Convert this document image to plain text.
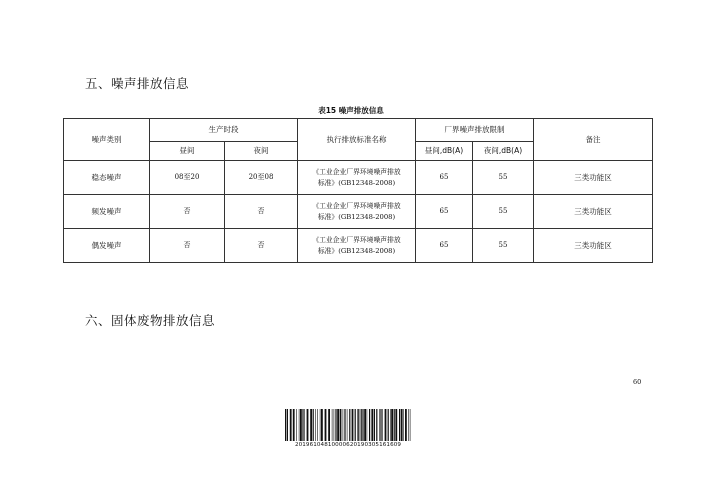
五、噪声排放信息
表15 噪声排放信息
噪声类别	生产时段		执行排放标准名称	厂界噪声排放限制		备注
	昼间	夜间		昼间,dB(A)	夜间,dB(A)	
稳态噪声	08至20	20至08	《工业企业厂界环境噪声排放
标准》(GB12348-2008)	65	55	三类功能区
频发噪声	否	否	《工业企业厂界环境噪声排放
标准》(GB12348-2008)	65	55	三类功能区
偶发噪声	否	否	《工业企业厂界环境噪声排放
标准》(GB12348-2008)	65	55	三类功能区
六、固体废物排放信息
60
20196104810000620190305161609
